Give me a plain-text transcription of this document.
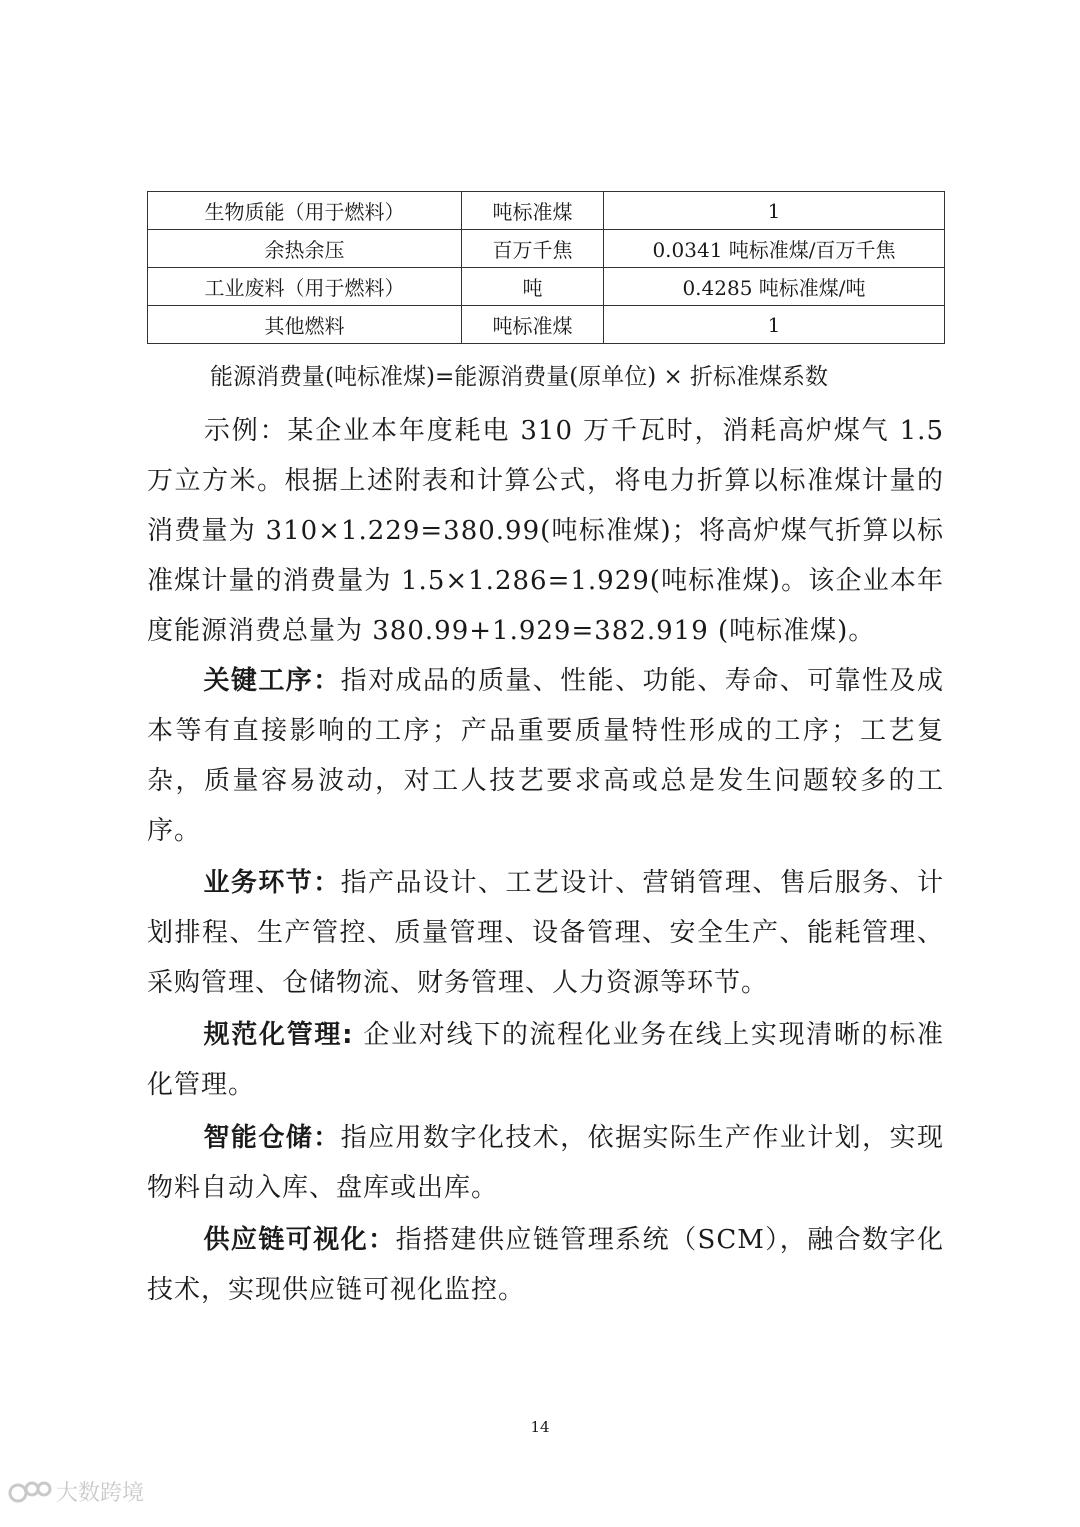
生物质能（用于燃料）	吨标准煤	1
余热余压	百万千焦	0.0341 吨标准煤/百万千焦
工业废料（用于燃料）	吨	0.4285 吨标准煤/吨
其他燃料	吨标准煤	1
能源消费量(吨标准煤)=能源消费量(原单位) × 折标准煤系数

示例：某企业本年度耗电 310 万千瓦时，消耗高炉煤气 1.5 万立方米。根据上述附表和计算公式，将电力折算以标准煤计量的消费量为 310×1.229=380.99(吨标准煤)；将高炉煤气折算以标准煤计量的消费量为 1.5×1.286=1.929(吨标准煤)。该企业本年度能源消费总量为 380.99+1.929=382.919 (吨标准煤)。

关键工序：指对成品的质量、性能、功能、寿命、可靠性及成本等有直接影响的工序；产品重要质量特性形成的工序；工艺复杂，质量容易波动，对工人技艺要求高或总是发生问题较多的工序。

业务环节：指产品设计、工艺设计、营销管理、售后服务、计划排程、生产管控、质量管理、设备管理、安全生产、能耗管理、采购管理、仓储物流、财务管理、人力资源等环节。

规范化管理: 企业对线下的流程化业务在线上实现清晰的标准化管理。

智能仓储：指应用数字化技术，依据实际生产作业计划，实现物料自动入库、盘库或出库。

供应链可视化：指搭建供应链管理系统（SCM），融合数字化技术，实现供应链可视化监控。

14
大数跨境
